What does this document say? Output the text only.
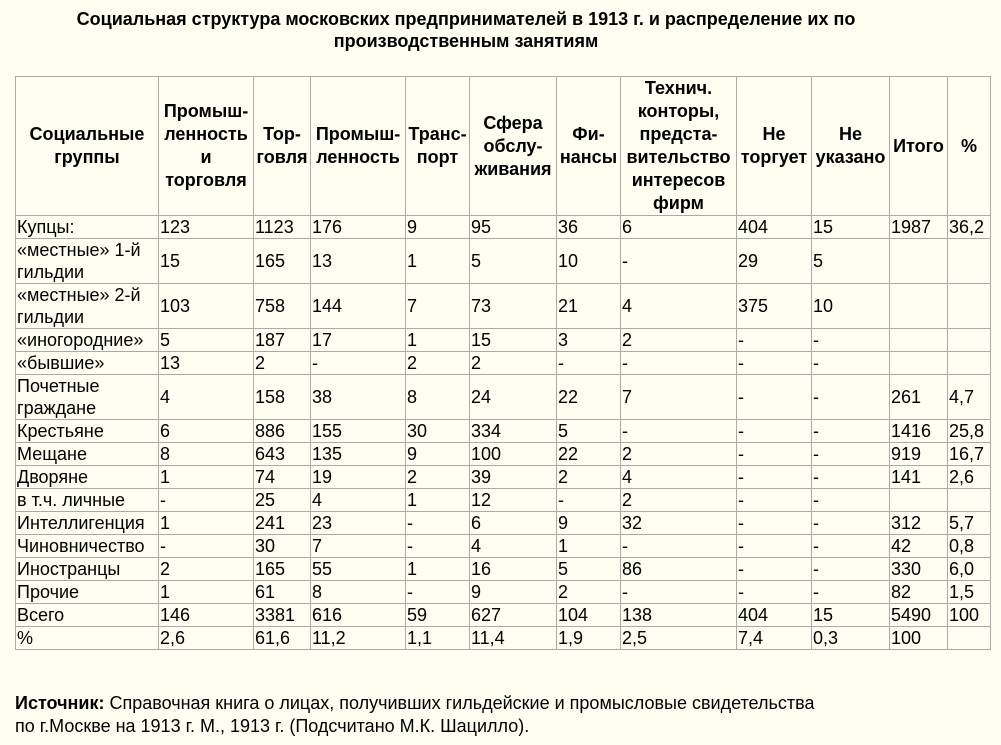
Социальная структура московских предпринимателей в 1913 г. и распределение их по
производственным занятиям
Социальные группы	Промыш-ленность и торговля	Тор-говля	Промыш-ленность	Транс-порт	Сфера обслу-живания	Фи-нансы	Технич. конторы, предста-вительство интересов фирм	Не торгует	Не указано	Итого	%
Купцы:	123	1123	176	9	95	36	6	404	15	1987	36,2
«местные» 1-й гильдии	15	165	13	1	5	10	-	29	5		
«местные» 2-й гильдии	103	758	144	7	73	21	4	375	10		
«иногородние»	5	187	17	1	15	3	2	-	-		
«бывшие»	13	2	-	2	2	-	-	-	-		
Почетные граждане	4	158	38	8	24	22	7	-	-	261	4,7
Крестьяне	6	886	155	30	334	5	-	-	-	1416	25,8
Мещане	8	643	135	9	100	22	2	-	-	919	16,7
Дворяне	1	74	19	2	39	2	4	-	-	141	2,6
в т.ч. личные	-	25	4	1	12	-	2	-	-		
Интеллигенция	1	241	23	-	6	9	32	-	-	312	5,7
Чиновничество	-	30	7	-	4	1	-	-	-	42	0,8
Иностранцы	2	165	55	1	16	5	86	-	-	330	6,0
Прочие	1	61	8	-	9	2	-	-	-	82	1,5
Всего	146	3381	616	59	627	104	138	404	15	5490	100
%	2,6	61,6	11,2	1,1	11,4	1,9	2,5	7,4	0,3	100	
Источник: Справочная книга о лицах, получивших гильдейские и промысловые свидетельства
по г.Москве на 1913 г. М., 1913 г. (Подсчитано М.К. Шацилло).
